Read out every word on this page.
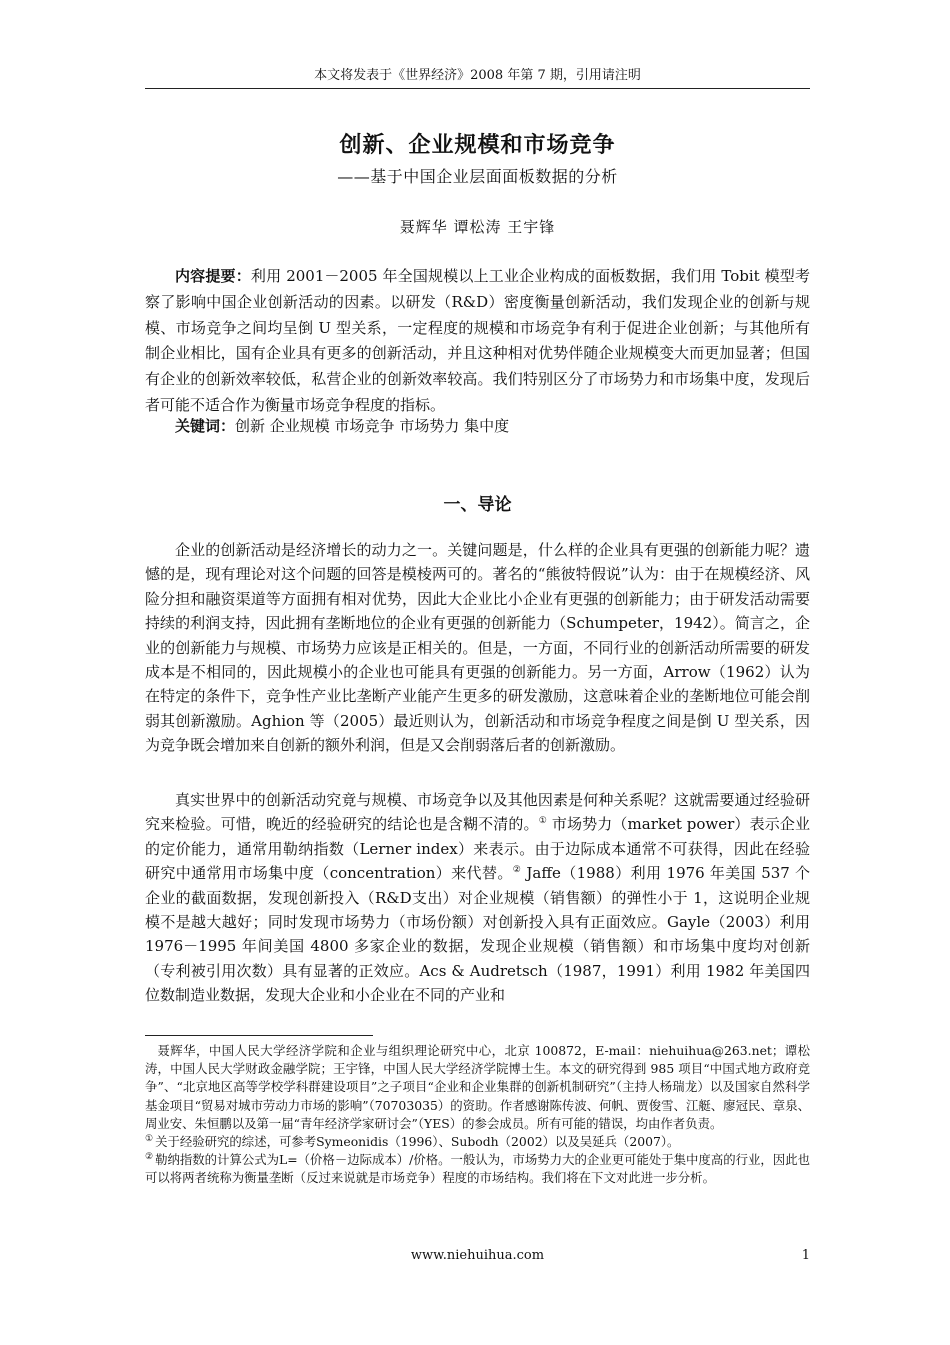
本文将发表于《世界经济》2008 年第 7 期，引用请注明
创新、企业规模和市场竞争
——基于中国企业层面面板数据的分析
聂辉华 谭松涛 王宇锋

内容提要：利用 2001－2005 年全国规模以上工业企业构成的面板数据，我们用 Tobit 模型考察了影响中国企业创新活动的因素。以研发（R&D）密度衡量创新活动，我们发现企业的创新与规模、市场竞争之间均呈倒 U 型关系，一定程度的规模和市场竞争有利于促进企业创新；与其他所有制企业相比，国有企业具有更多的创新活动，并且这种相对优势伴随企业规模变大而更加显著；但国有企业的创新效率较低，私营企业的创新效率较高。我们特别区分了市场势力和市场集中度，发现后者可能不适合作为衡量市场竞争程度的指标。

关键词：创新 企业规模 市场竞争 市场势力 集中度

一、导论

企业的创新活动是经济增长的动力之一。关键问题是，什么样的企业具有更强的创新能力呢？遗憾的是，现有理论对这个问题的回答是模棱两可的。著名的“熊彼特假说”认为：由于在规模经济、风险分担和融资渠道等方面拥有相对优势，因此大企业比小企业有更强的创新能力；由于研发活动需要持续的利润支持，因此拥有垄断地位的企业有更强的创新能力（Schumpeter，1942）。简言之，企业的创新能力与规模、市场势力应该是正相关的。但是，一方面，不同行业的创新活动所需要的研发成本是不相同的，因此规模小的企业也可能具有更强的创新能力。另一方面，Arrow（1962）认为在特定的条件下，竞争性产业比垄断产业能产生更多的研发激励，这意味着企业的垄断地位可能会削弱其创新激励。Aghion 等（2005）最近则认为，创新活动和市场竞争程度之间是倒 U 型关系，因为竞争既会增加来自创新的额外利润，但是又会削弱落后者的创新激励。

真实世界中的创新活动究竟与规模、市场竞争以及其他因素是何种关系呢？这就需要通过经验研究来检验。可惜，晚近的经验研究的结论也是含糊不清的。① 市场势力（market power）表示企业的定价能力，通常用勒纳指数（Lerner index）来表示。由于边际成本通常不可获得，因此在经验研究中通常用市场集中度（concentration）来代替。② Jaffe（1988）利用 1976 年美国 537 个企业的截面数据，发现创新投入（R&D支出）对企业规模（销售额）的弹性小于 1，这说明企业规模不是越大越好；同时发现市场势力（市场份额）对创新投入具有正面效应。Gayle（2003）利用 1976－1995 年间美国 4800 多家企业的数据，发现企业规模（销售额）和市场集中度均对创新（专利被引用次数）具有显著的正效应。Acs & Audretsch（1987，1991）利用 1982 年美国四位数制造业数据，发现大企业和小企业在不同的产业和

聂辉华，中国人民大学经济学院和企业与组织理论研究中心，北京 100872，E-mail：niehuihua@263.net；谭松涛，中国人民大学财政金融学院；王宇锋，中国人民大学经济学院博士生。本文的研究得到 985 项目“中国式地方政府竞争”、“北京地区高等学校学科群建设项目”之子项目“企业和企业集群的创新机制研究”（主持人杨瑞龙）以及国家自然科学基金项目“贸易对城市劳动力市场的影响”（70703035）的资助。作者感谢陈传波、何帆、贾俊雪、江艇、廖冠民、章泉、周业安、朱恒鹏以及第一届“青年经济学家研讨会”（YES）的参会成员。所有可能的错误，均由作者负责。

① 关于经验研究的综述，可参考Symeonidis（1996）、Subodh（2002）以及吴延兵（2007）。

② 勒纳指数的计算公式为L=（价格－边际成本）/价格。一般认为，市场势力大的企业更可能处于集中度高的行业，因此也可以将两者统称为衡量垄断（反过来说就是市场竞争）程度的市场结构。我们将在下文对此进一步分析。

www.niehuihua.com	1
